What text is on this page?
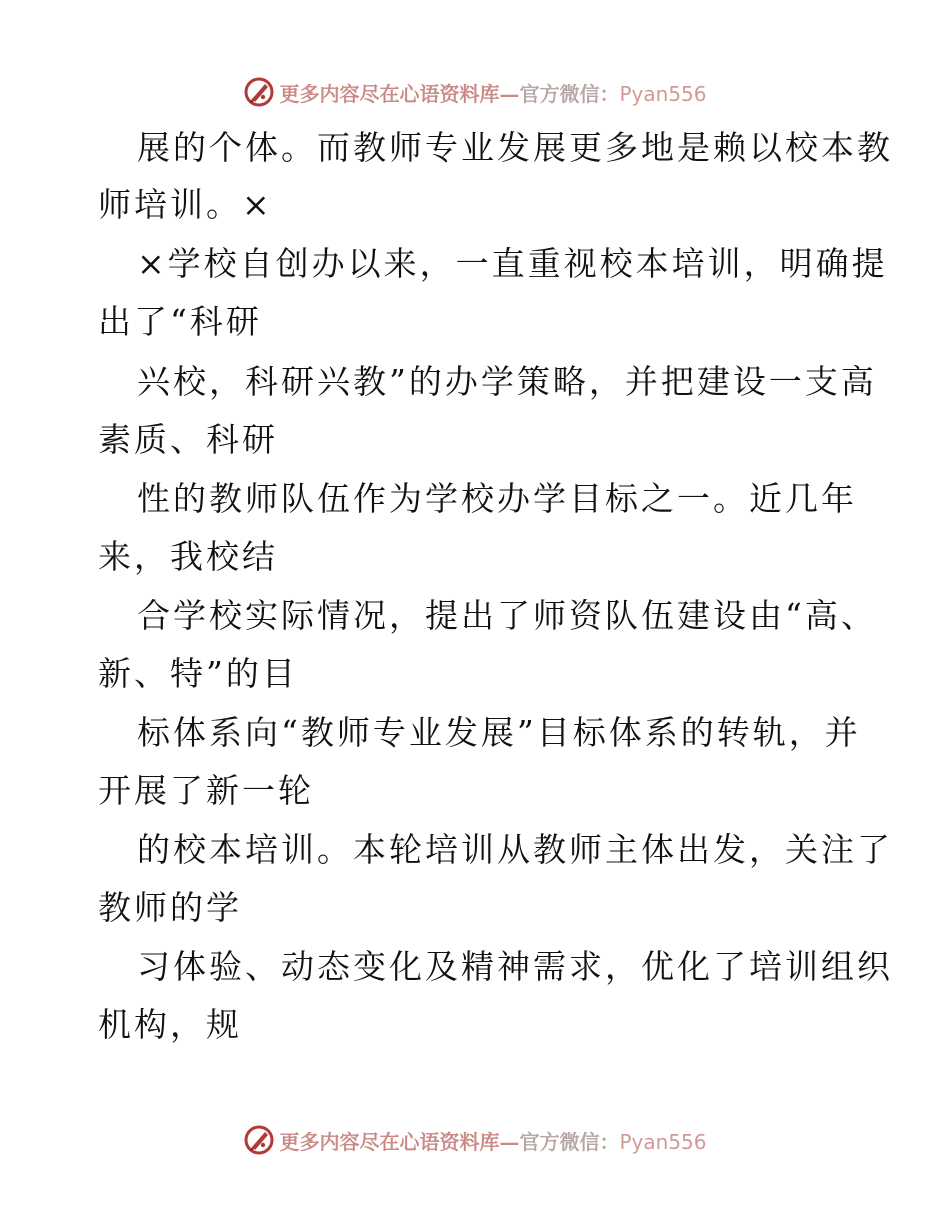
更多内容尽在心语资料库—官方微信：Pyan556
展的个体。而教师专业发展更多地是赖以校本教
师培训。×
×学校自创办以来，一直重视校本培训，明确提
出了“科研
兴校，科研兴教”的办学策略，并把建设一支高
素质、科研
性的教师队伍作为学校办学目标之一。近几年
来，我校结
合学校实际情况，提出了师资队伍建设由“高、
新、特”的目
标体系向“教师专业发展”目标体系的转轨，并
开展了新一轮
的校本培训。本轮培训从教师主体出发，关注了
教师的学
习体验、动态变化及精神需求，优化了培训组织
机构，规
更多内容尽在心语资料库—官方微信：Pyan556
